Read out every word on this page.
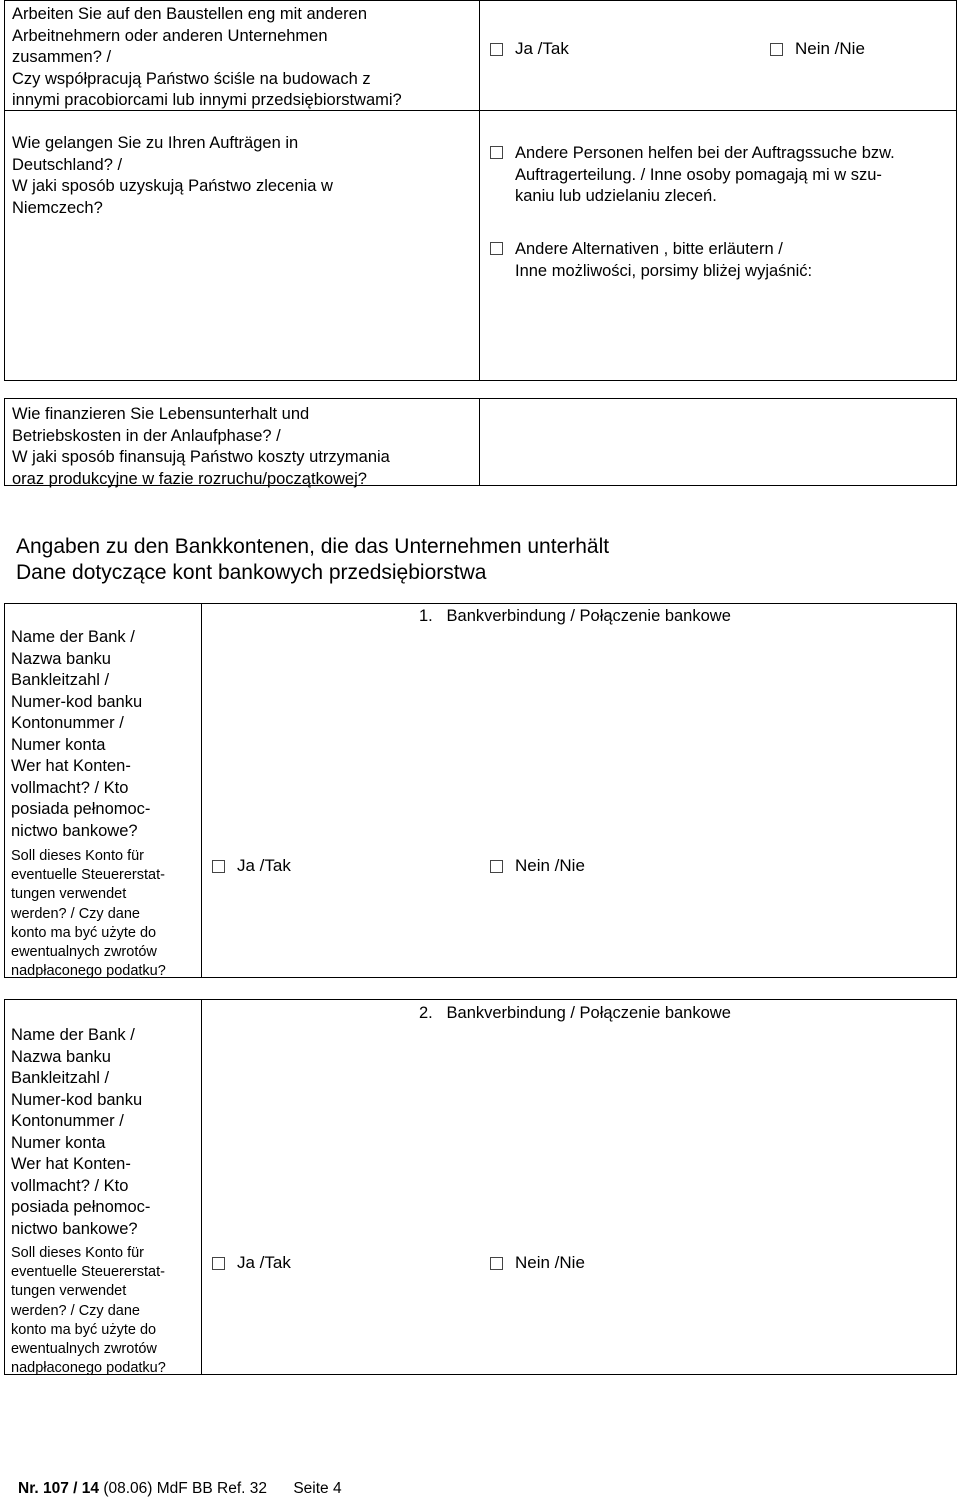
Arbeiten Sie auf den Baustellen eng mit anderen
Arbeitnehmern oder anderen Unternehmen
zusammen? /
Czy współpracują Państwo ściśle na budowach z
innymi pracobiorcami lub innymi przedsiębiorstwami?
Ja /Tak	Nein /Nie
Wie gelangen Sie zu Ihren Aufträgen in
Deutschland? /
W jaki sposób uzyskują Państwo zlecenia w
Niemczech?
Andere Personen helfen bei der Auftragssuche bzw.
Auftragerteilung. / Inne osoby pomagają mi w szu-
kaniu lub udzielaniu zleceń.
Andere Alternativen , bitte erläutern /
Inne możliwości, porsimy bliżej wyjaśnić:
Wie finanzieren Sie Lebensunterhalt und
Betriebskosten in der Anlaufphase? /
W jaki sposób finansują Państwo koszty utrzymania
oraz produkcyjne w fazie rozruchu/początkowej?
Angaben zu den Bankkontenen, die das Unternehmen unterhält
Dane dotyczące kont bankowych przedsiębiorstwa
Name der Bank /
Nazwa banku
Bankleitzahl /
Numer-kod banku
Kontonummer /
Numer konta
Wer hat Konten-
vollmacht? / Kto
posiada pełnomoc-
nictwo bankowe?
Soll dieses Konto für
eventuelle Steuererstat-
tungen verwendet
werden? / Czy dane
konto ma być użyte do
ewentualnych zwrotów
nadpłaconego podatku?
1.   Bankverbindung / Połączenie bankowe
Ja /Tak	Nein /Nie
Name der Bank /
Nazwa banku
Bankleitzahl /
Numer-kod banku
Kontonummer /
Numer konta
Wer hat Konten-
vollmacht? / Kto
posiada pełnomoc-
nictwo bankowe?
Soll dieses Konto für
eventuelle Steuererstat-
tungen verwendet
werden? / Czy dane
konto ma być użyte do
ewentualnych zwrotów
nadpłaconego podatku?
2.   Bankverbindung / Połączenie bankowe
Ja /Tak	Nein /Nie
Nr. 107 / 14 (08.06) MdF BB Ref. 32 Seite 4
